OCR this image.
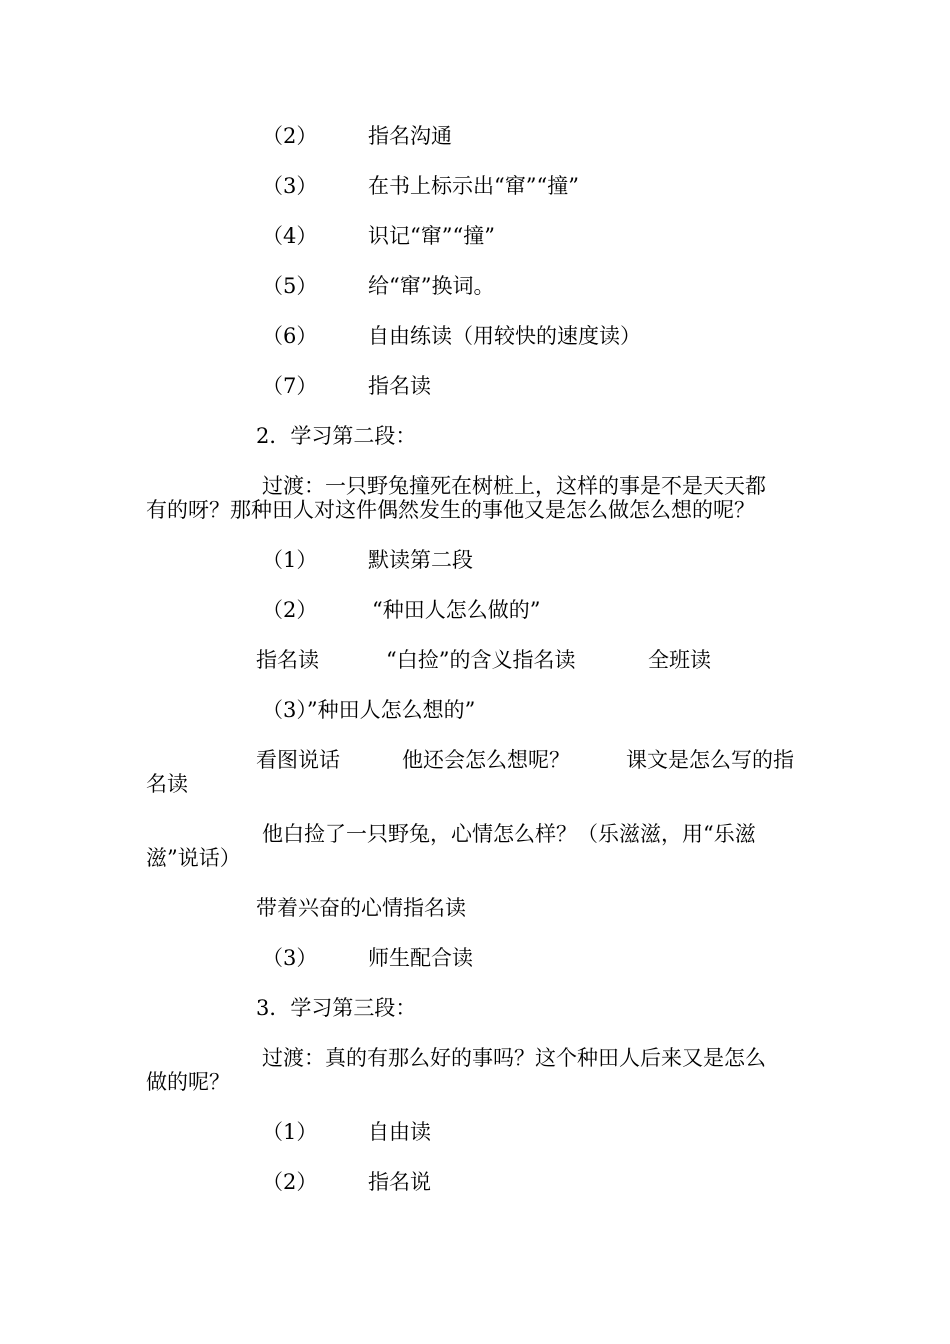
（2） 指名沟通
（3） 在书上标示出“窜”“撞”
（4） 识记“窜”“撞”
（5） 给“窜”换词。
（6） 自由练读（用较快的速度读）
（7） 指名读
2．学习第二段：
过渡：一只野兔撞死在树桩上，这样的事是不是天天都
有的呀？那种田人对这件偶然发生的事他又是怎么做怎么想的呢？
（1） 默读第二段
（2）	“种田人怎么做的”
指名读	“白捡”的含义指名读	全班读
（3）”种田人怎么想的”
看图说话	他还会怎么想呢？	课文是怎么写的指
名读
他白捡了一只野兔，心情怎么样？（乐滋滋，用“乐滋
滋”说话）
带着兴奋的心情指名读
（3） 师生配合读
3．学习第三段：
过渡：真的有那么好的事吗？这个种田人后来又是怎么
做的呢？
（1） 自由读
（2） 指名说
